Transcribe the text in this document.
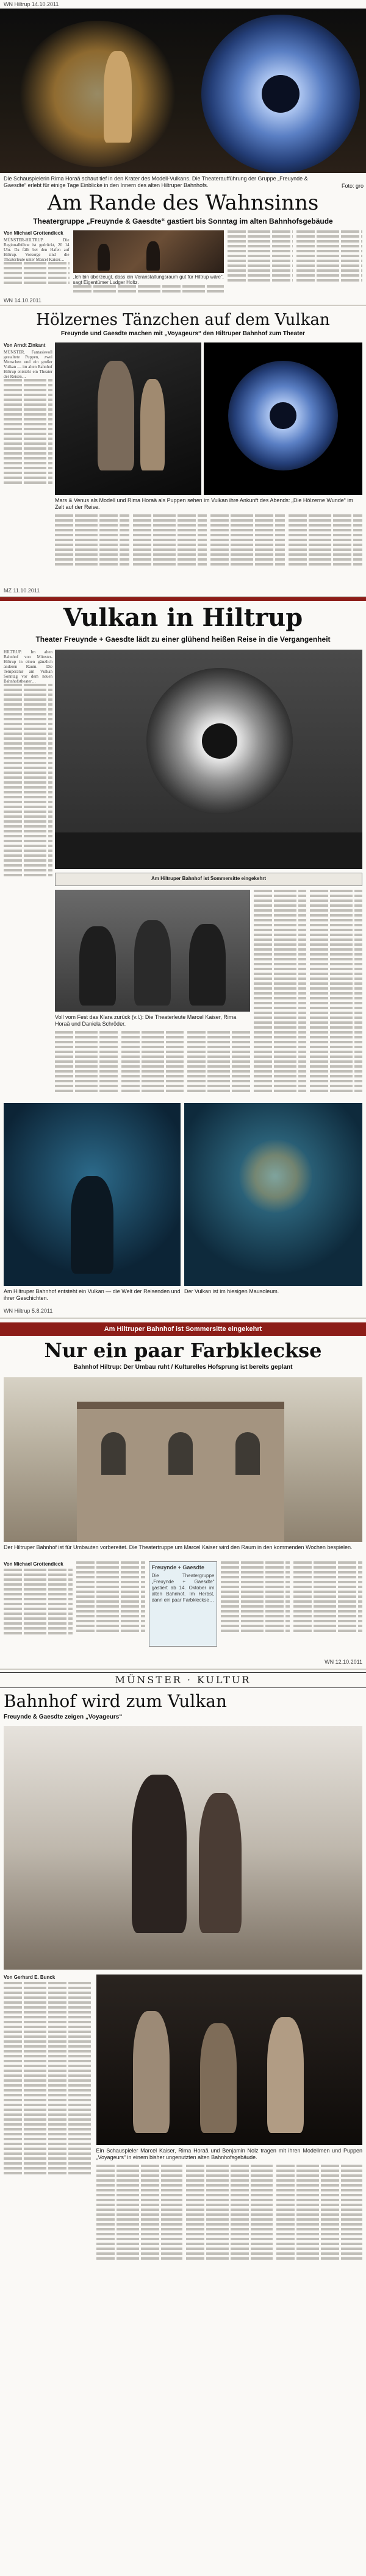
WN Hiltrup 14.10.2011
Die Schauspielerin Rima Horaä schaut tief in den Krater des Modell-Vulkans. Die Theateraufführung der Gruppe „Freuynde & Gaesdte“ erlebt für einige Tage Einblicke in den Innern des alten Hiltruper Bahnhofs.	Foto: gro
Am Rande des Wahnsinns
Theatergruppe „Freuynde & Gaesdte“ gastiert bis Sonntag im alten Bahnhofsgebäude
Von Michael Grottendieck
MÜNSTER-HILTRUP. Die Regionalbühne ist gedrückt, 20 14 Uhr. Da fällt bei den Hafen auf Hiltrup. Vorsorge sind die Theaterleute unter Marcel Kaiser…
„Ich bin überzeugt, dass ein Veranstaltungsraum gut für Hiltrup wäre“, sagt Eigentümer Ludger Holtz.
WN 14.10.2011
Hölzernes Tänzchen auf dem Vulkan
Freuynde und Gaesdte machen mit „Voyageurs“ den Hiltruper Bahnhof zum Theater
Von Arndt Zinkant
MÜNSTER. Fantasievoll gestaltete Puppen, zwei Menschen und ein großer Vulkan — im alten Bahnhof Hiltrup entsteht ein Theater der Reisen…
Mars & Venus als Modell und Rima Horaä als Puppen sehen im Vulkan ihre Ankunft des Abends: „Die Hölzerne Wunde“ im Zelt auf der Reise.
MZ 11.10.2011
Vulkan in Hiltrup
Theater Freuynde + Gaesdte lädt zu einer glühend heißen Reise in die Vergangenheit
HILTRUP. Im alten Bahnhof von Münster-Hiltrup in einen gänzlich anderen Raum. Die Temperatur am Vulkan Sonntag vor dem neuen Bahnhofstheater…
Am Hiltruper Bahnhof ist Sommersitte eingekehrt
Voll vom Fest das Klara zurück (v.l.): Die Theaterleute Marcel Kaiser, Rima Horaä und Daniela Schröder.
Am Hiltruper Bahnhof entsteht ein Vulkan — die Welt der Reisenden und ihrer Geschichten.
Der Vulkan ist im hiesigen Mausoleum.
WN Hiltrup 5.8.2011
Am Hiltruper Bahnhof ist Sommersitte eingekehrt
Nur ein paar Farbkleckse
Bahnhof Hiltrup: Der Umbau ruht / Kulturelles Hofsprung ist bereits geplant
Der Hiltruper Bahnhof ist für Umbauten vorbereitet. Die Theatertruppe um Marcel Kaiser wird den Raum in den kommenden Wochen bespielen.
Von Michael Grottendieck
Freuynde + Gaesdte
Die Theatergruppe „Freuynde + Gaesdte“ gastiert ab 14. Oktober im alten Bahnhof. Im Herbst, dann ein paar Farbkleckse…
WN 12.10.2011
MÜNSTER · KULTUR
Bahnhof wird zum Vulkan
Freuynde & Gaesdte zeigen „Voyageurs“
Von Gerhard E. Bunck
Ein Schauspieler Marcel Kaiser, Rima Horaä und Benjamin Nolz tragen mit ihren Modellmen und Puppen „Voyageurs“ in einem bisher ungenutzten alten Bahnhofsgebäude.
